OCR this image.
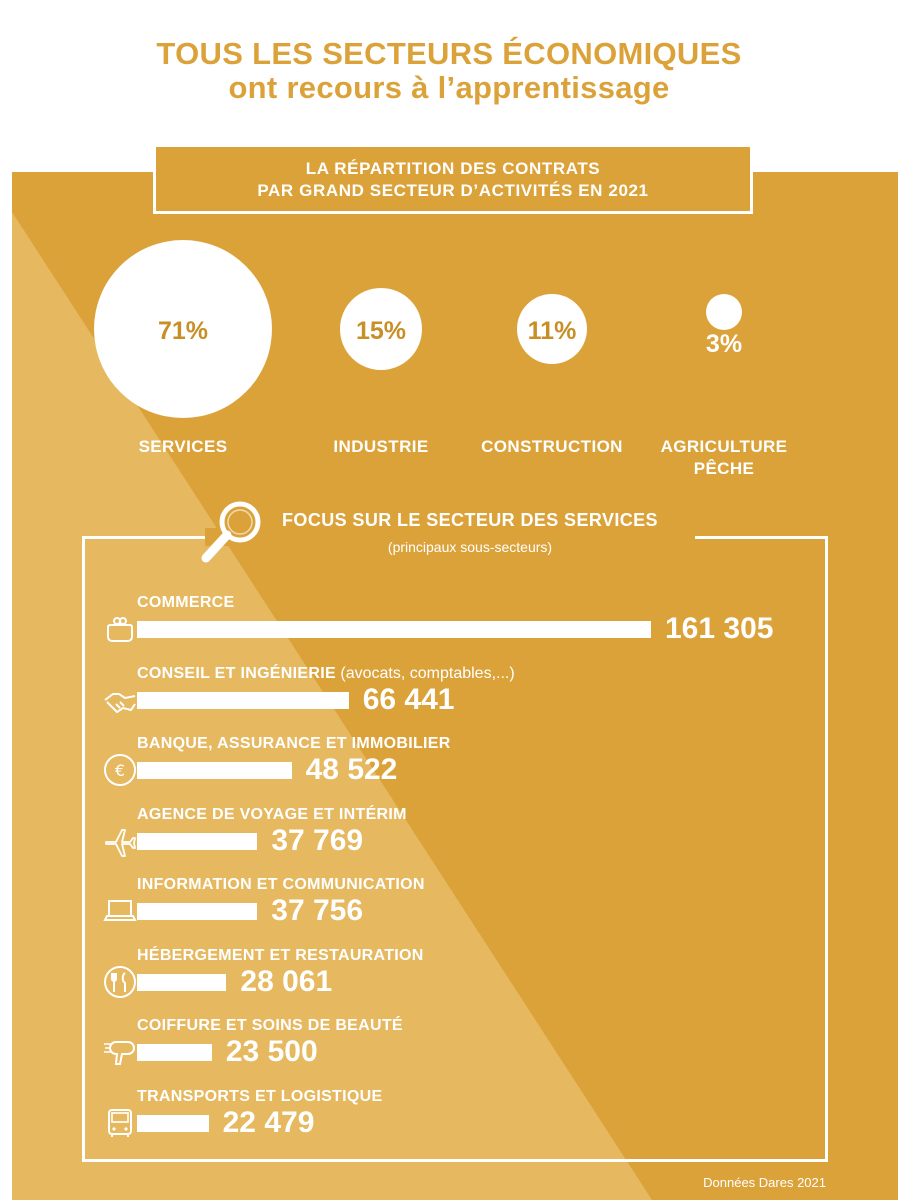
TOUS LES SECTEURS ÉCONOMIQUES
ont recours à l’apprentissage
LA RÉPARTITION DES CONTRATS
PAR GRAND SECTEUR D’ACTIVITÉS EN 2021
71%
SERVICES
15%
INDUSTRIE
11%
CONSTRUCTION
3%
AGRICULTURE PÊCHE
FOCUS SUR LE SECTEUR DES SERVICES
(principaux sous-secteurs)
COMMERCE
161 305
CONSEIL ET INGÉNIERIE (avocats, comptables,...)
66 441
BANQUE, ASSURANCE ET IMMOBILIER
48 522
€
AGENCE DE VOYAGE ET INTÉRIM
37 769
INFORMATION ET COMMUNICATION
37 756
HÉBERGEMENT ET RESTAURATION
28 061
COIFFURE ET SOINS DE BEAUTÉ
23 500
TRANSPORTS ET LOGISTIQUE
22 479
Données Dares 2021
